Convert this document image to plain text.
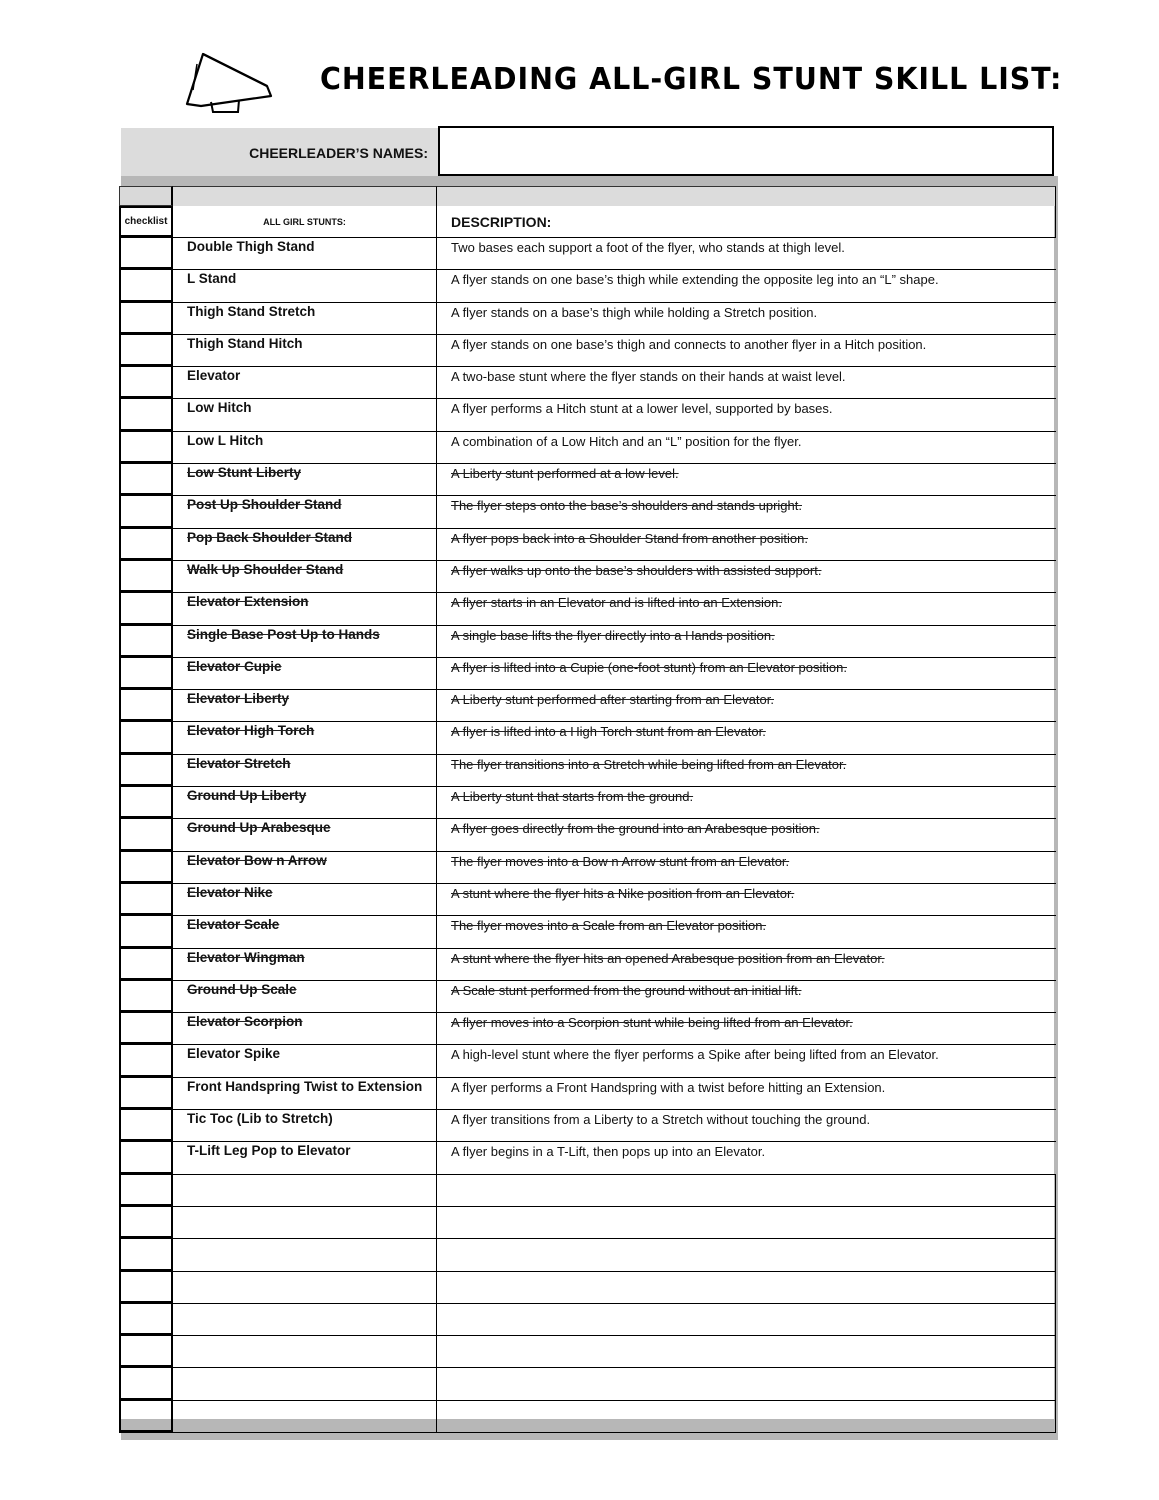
CHEERLEADING ALL-GIRL STUNT SKILL LIST:
CHEERLEADER’S NAMES:
checklist	ALL GIRL STUNTS:	DESCRIPTION:
Double Thigh Stand	Two bases each support a foot of the flyer, who stands at thigh level.
L Stand	A flyer stands on one base’s thigh while extending the opposite leg into an “L” shape.
Thigh Stand Stretch	A flyer stands on a base’s thigh while holding a Stretch position.
Thigh Stand Hitch	A flyer stands on one base’s thigh and connects to another flyer in a Hitch position.
Elevator	A two-base stunt where the flyer stands on their hands at waist level.
Low Hitch	A flyer performs a Hitch stunt at a lower level, supported by bases.
Low L Hitch	A combination of a Low Hitch and an “L” position for the flyer.
Low Stunt Liberty	A Liberty stunt performed at a low level.
Post Up Shoulder Stand	The flyer steps onto the base’s shoulders and stands upright.
Pop Back Shoulder Stand	A flyer pops back into a Shoulder Stand from another position.
Walk Up Shoulder Stand	A flyer walks up onto the base’s shoulders with assisted support.
Elevator Extension	A flyer starts in an Elevator and is lifted into an Extension.
Single Base Post Up to Hands	A single base lifts the flyer directly into a Hands position.
Elevator Cupie	A flyer is lifted into a Cupie (one-foot stunt) from an Elevator position.
Elevator Liberty	A Liberty stunt performed after starting from an Elevator.
Elevator High Torch	A flyer is lifted into a High Torch stunt from an Elevator.
Elevator Stretch	The flyer transitions into a Stretch while being lifted from an Elevator.
Ground Up Liberty	A Liberty stunt that starts from the ground.
Ground Up Arabesque	A flyer goes directly from the ground into an Arabesque position.
Elevator Bow n Arrow	The flyer moves into a Bow n Arrow stunt from an Elevator.
Elevator Nike	A stunt where the flyer hits a Nike position from an Elevator.
Elevator Scale	The flyer moves into a Scale from an Elevator position.
Elevator Wingman	A stunt where the flyer hits an opened Arabesque position from an Elevator.
Ground Up Scale	A Scale stunt performed from the ground without an initial lift.
Elevator Scorpion	A flyer moves into a Scorpion stunt while being lifted from an Elevator.
Elevator Spike	A high-level stunt where the flyer performs a Spike after being lifted from an Elevator.
Front Handspring Twist to Extension	A flyer performs a Front Handspring with a twist before hitting an Extension.
Tic Toc (Lib to Stretch)	A flyer transitions from a Liberty to a Stretch without touching the ground.
T-Lift Leg Pop to Elevator	A flyer begins in a T-Lift, then pops up into an Elevator.
